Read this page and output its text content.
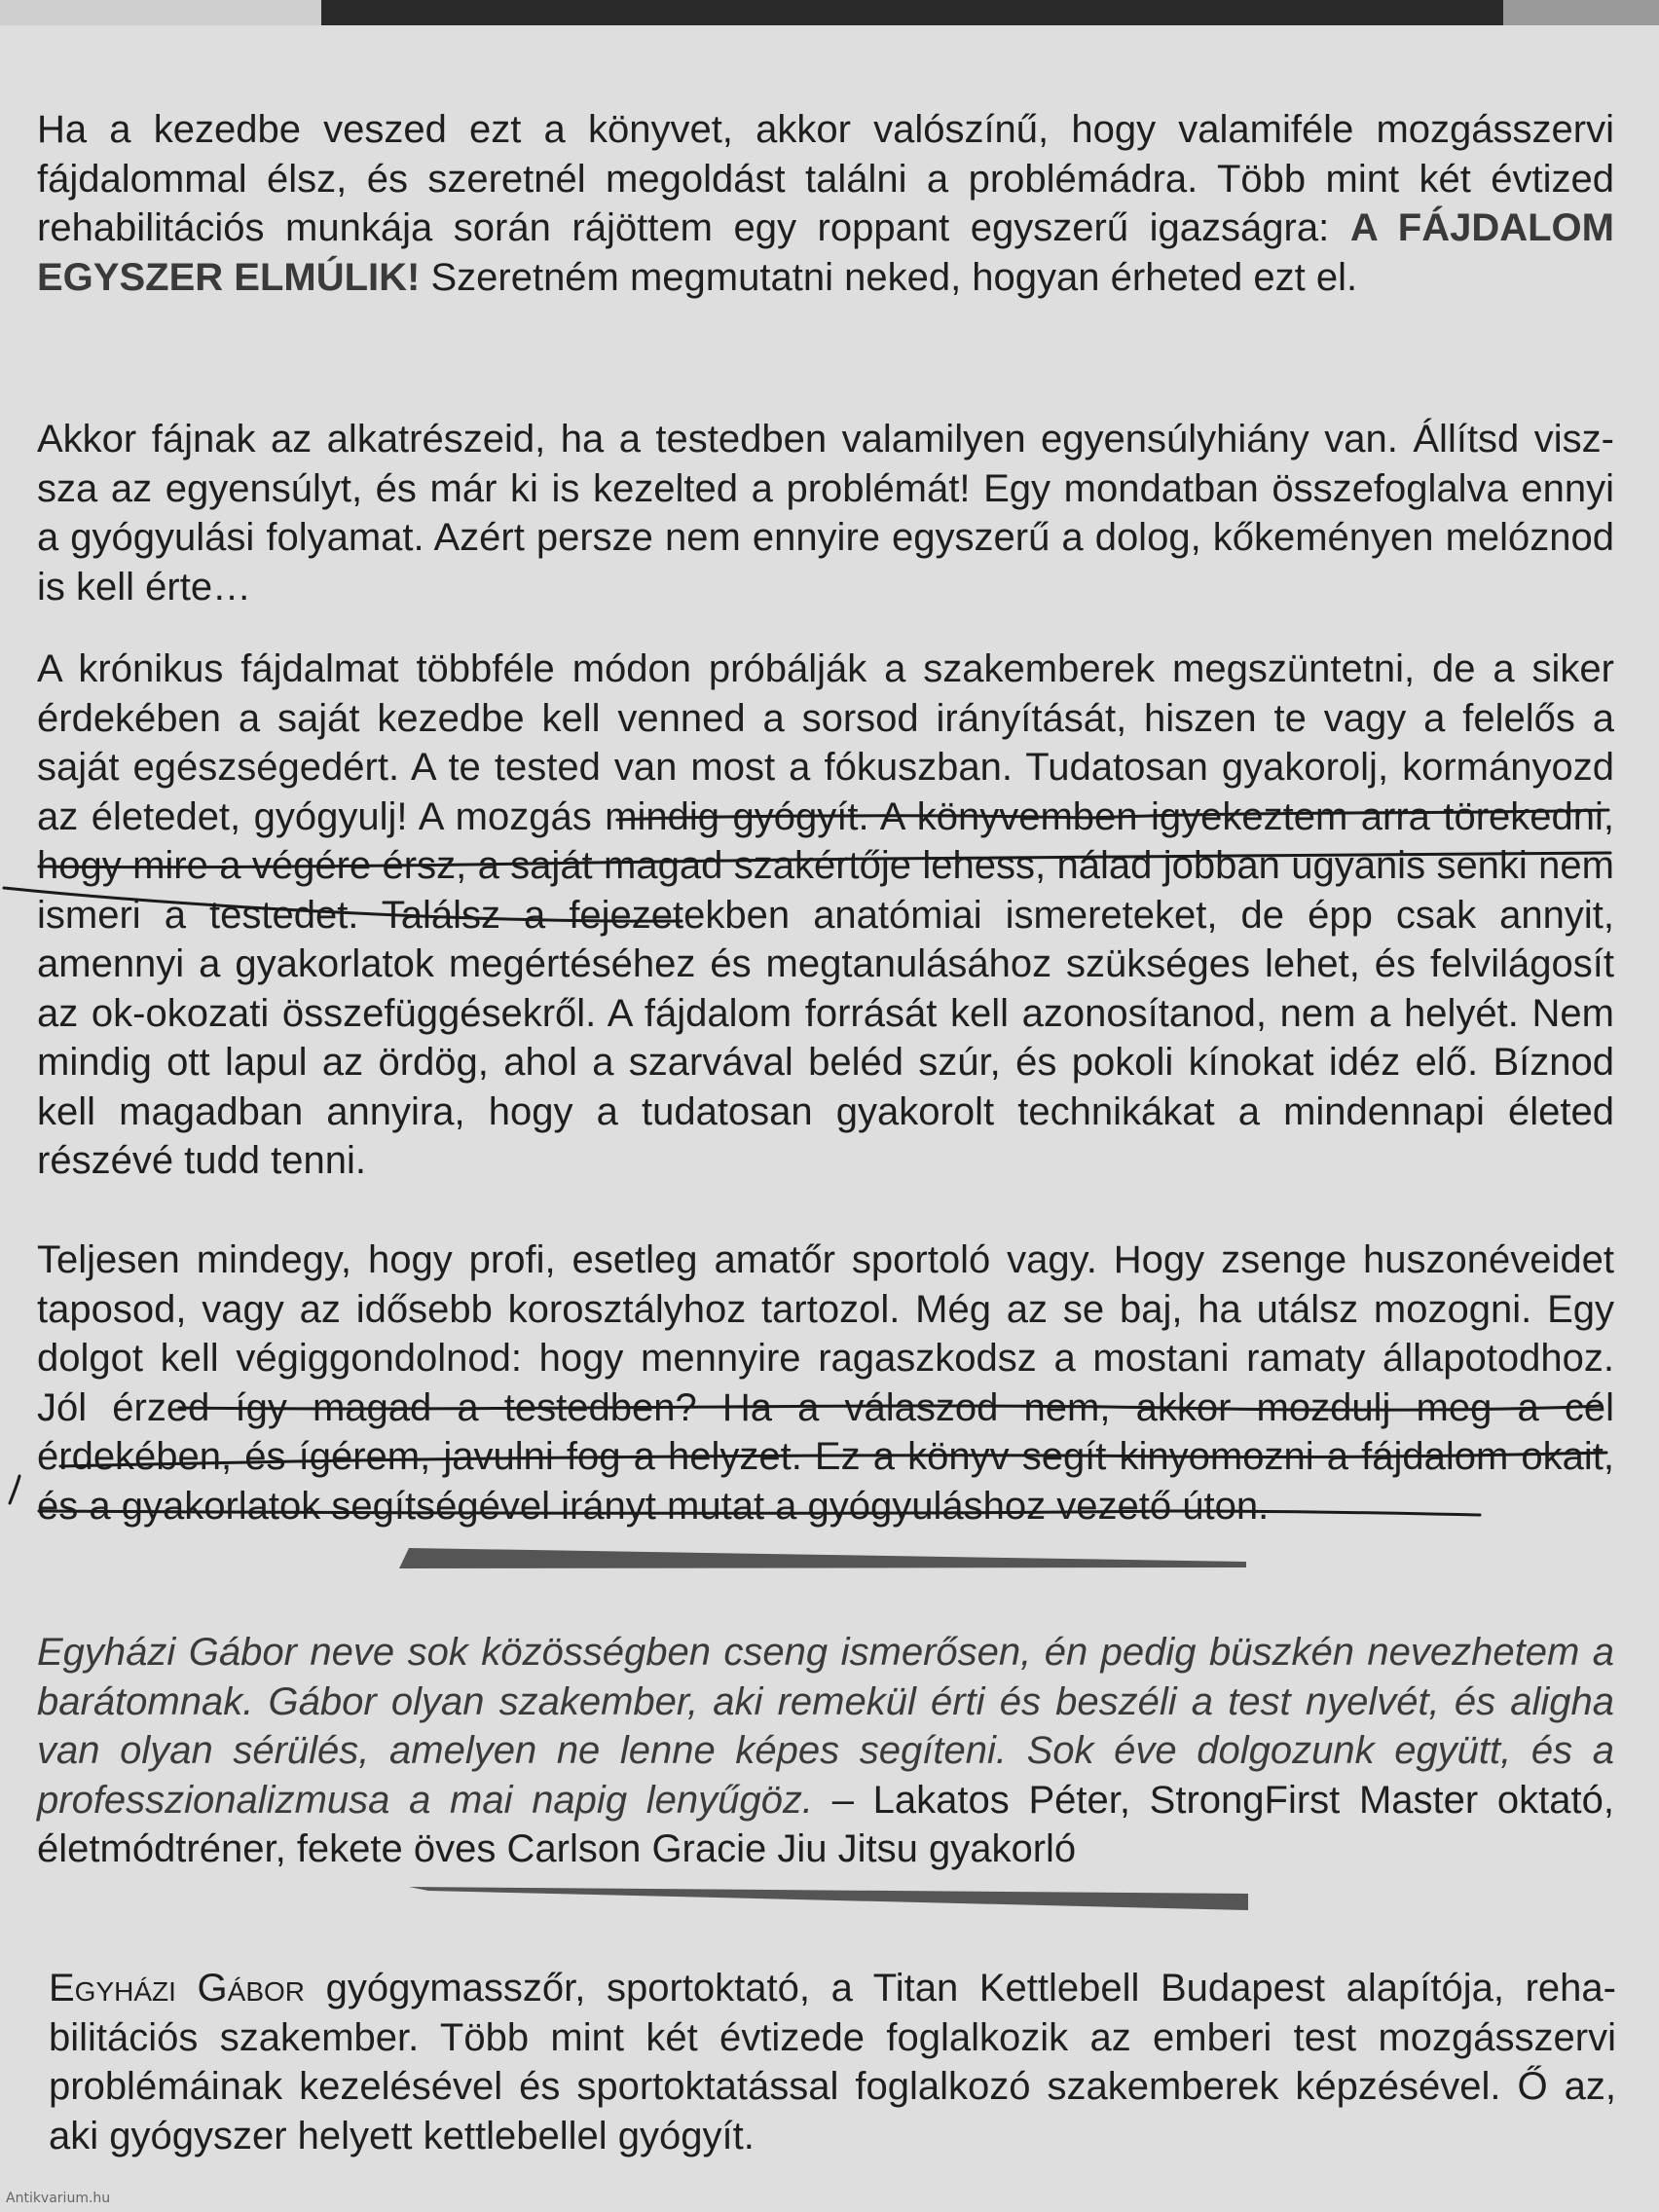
Ha a kezedbe veszed ezt a könyvet, akkor valószínű, hogy valamiféle mozgásszervi fájdalommal élsz, és szeretnél megoldást találni a problémádra. Több mint két évtized rehabilitációs munkája során rájöttem egy roppant egyszerű igazságra: A FÁJDALOM EGYSZER ELMÚLIK! Szeretném megmutatni neked, hogyan érheted ezt el.

Akkor fájnak az alkatrészeid, ha a testedben valamilyen egyensúlyhiány van. Állítsd viszsza az egyensúlyt, és már ki is kezelted a problémát! Egy mondatban összefoglalva ennyi a gyógyulási folyamat. Azért persze nem ennyire egyszerű a dolog, kőkeményen melóznod is kell érte…

A krónikus fájdalmat többféle módon próbálják a szakemberek megszüntetni, de a siker érdekében a saját kezedbe kell venned a sorsod irányítását, hiszen te vagy a felelős a saját egészségedért. A te tested van most a fókuszban. Tudatosan gyakorolj, kormányozd az életedet, gyógyulj! A mozgás mindig gyógyít. A könyvemben igyekeztem arra törekedni, hogy mire a végére érsz, a saját magad szakértője lehess, nálad jobban ugyanis senki nem ismeri a testedet. Találsz a fejezetekben anatómiai ismereteket, de épp csak annyit, amennyi a gyakorlatok megértéséhez és megtanulásához szükséges lehet, és felvilágosít az ok-okozati összefüggésekről. A fájdalom forrását kell azonosítanod, nem a helyét. Nem mindig ott lapul az ördög, ahol a szarvával beléd szúr, és pokoli kínokat idéz elő. Bíznod kell magadban annyira, hogy a tudatosan gyakorolt technikákat a mindennapi életed részévé tudd tenni.

Teljesen mindegy, hogy profi, esetleg amatőr sportoló vagy. Hogy zsenge huszonéveidet taposod, vagy az idősebb korosztályhoz tartozol. Még az se baj, ha utálsz mozogni. Egy dolgot kell végiggondolnod: hogy mennyire ragaszkodsz a mostani ramaty állapotodhoz. Jól érzed így magad a testedben? Ha a válaszod nem, akkor mozdulj meg a cél érdekében, és ígérem, javulni fog a helyzet. Ez a könyv segít kinyomozni a fájdalom okait, és a gyakorlatok segítségével irányt mutat a gyógyuláshoz vezető úton.

Egyházi Gábor neve sok közösségben cseng ismerősen, én pedig büszkén nevezhetem a barátomnak. Gábor olyan szakember, aki remekül érti és beszéli a test nyelvét, és aligha van olyan sérülés, amelyen ne lenne képes segíteni. Sok éve dolgozunk együtt, és a professzionalizmusa a mai napig lenyűgöz. – Lakatos Péter, StrongFirst Master oktató, életmódtréner, fekete öves Carlson Gracie Jiu Jitsu gyakorló
Egyházi Gábor gyógymasszőr, sportoktató, a Titan Kettlebell Budapest alapítója, rehabilitációs szakember. Több mint két évtizede foglalkozik az emberi test mozgásszervi problémáinak kezelésével és sportoktatással foglalkozó szakemberek képzésével. Ő az, aki gyógyszer helyett kettlebellel gyógyít.
Antikvarium.hu
